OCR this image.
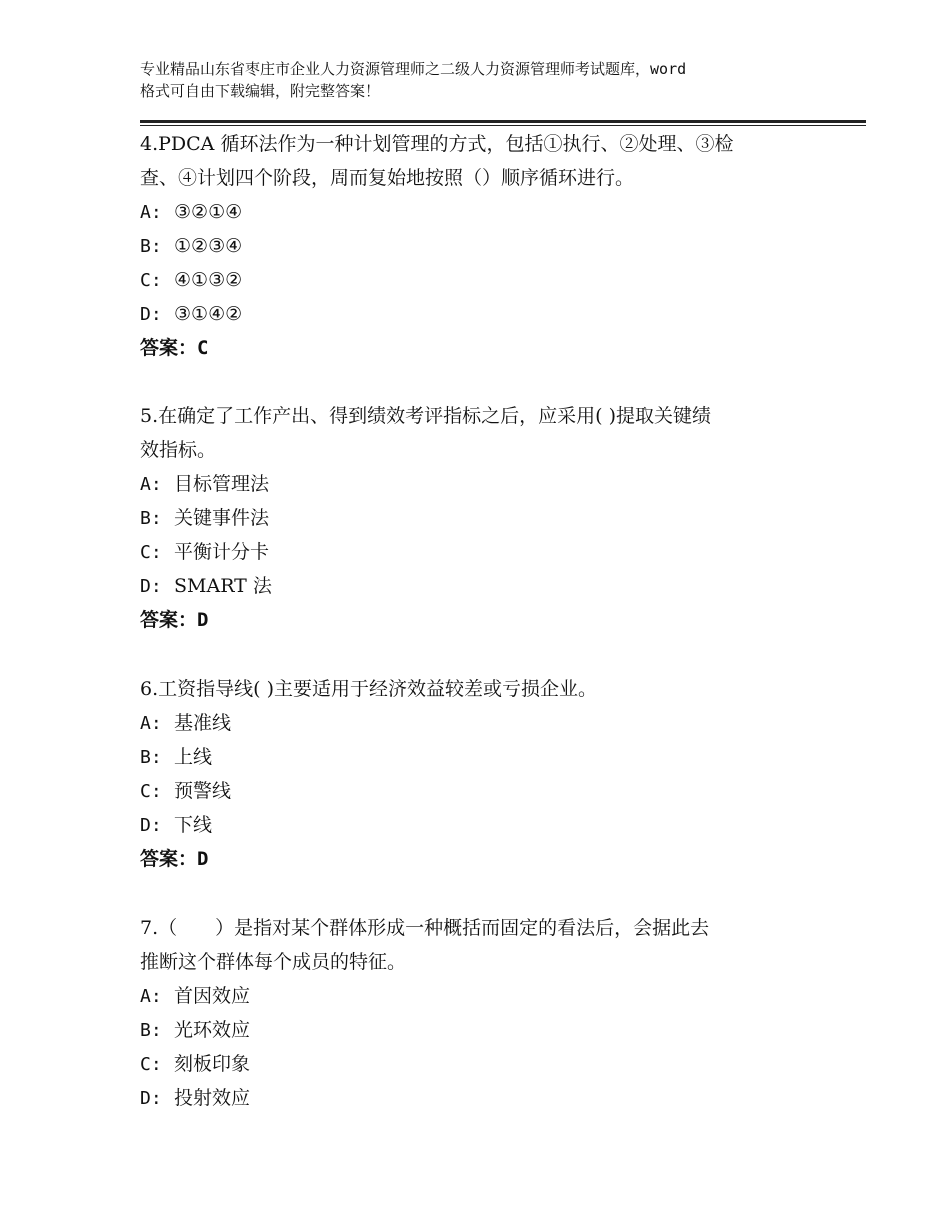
专业精品山东省枣庄市企业人力资源管理师之二级人力资源管理师考试题库，word
格式可自由下载编辑，附完整答案！
4.PDCA 循环法作为一种计划管理的方式，包括①执行、②处理、③检
查、④计划四个阶段，周而复始地按照（）顺序循环进行。
A: ③②①④
B: ①②③④
C: ④①③②
D: ③①④②
答案：C
5.在确定了工作产出、得到绩效考评指标之后，应采用( )提取关键绩
效指标。
A: 目标管理法
B: 关键事件法
C: 平衡计分卡
D: SMART 法
答案：D
6.工资指导线( )主要适用于经济效益较差或亏损企业。
A: 基准线
B: 上线
C: 预警线
D: 下线
答案：D
7.（　　）是指对某个群体形成一种概括而固定的看法后，会据此去
推断这个群体每个成员的特征。
A: 首因效应
B: 光环效应
C: 刻板印象
D: 投射效应
